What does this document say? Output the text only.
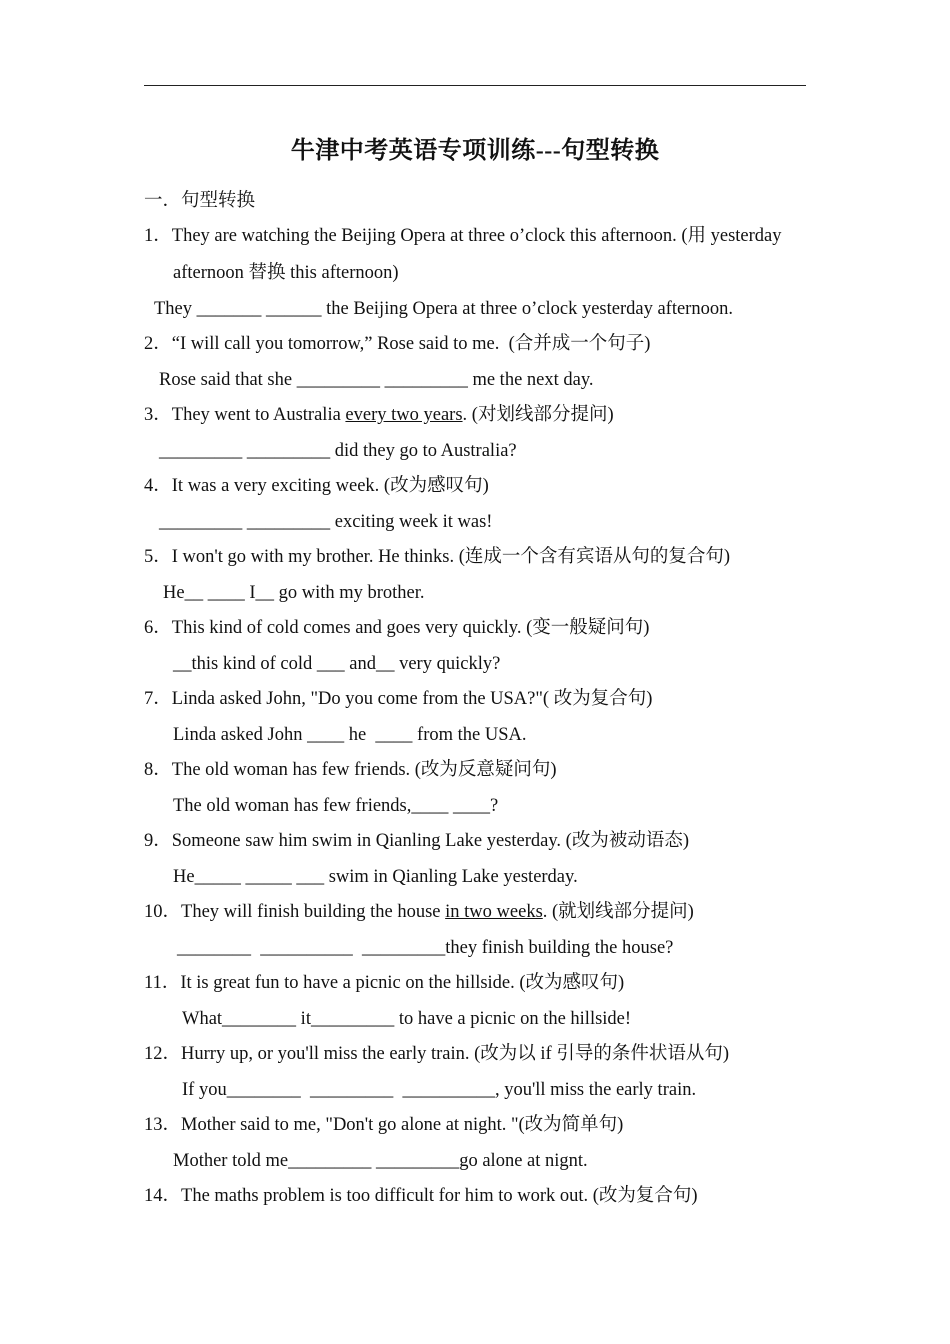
牛津中考英语专项训练---句型转换
一．句型转换
1．They are watching the Beijing Opera at three o’clock this afternoon. (用 yesterday
afternoon 替换 this afternoon)
They _______ ______ the Beijing Opera at three o’clock yesterday afternoon.
2．“I will call you tomorrow,” Rose said to me.  (合并成一个句子)
Rose said that she _________ _________ me the next day.
3．They went to Australia every two years. (对划线部分提问)
_________ _________ did they go to Australia?
4．It was a very exciting week. (改为感叹句)
_________ _________ exciting week it was!
5．I won't go with my brother. He thinks. (连成一个含有宾语从句的复合句)
He__ ____ I__ go with my brother.
6．This kind of cold comes and goes very quickly. (变一般疑问句)
__this kind of cold ___ and__ very quickly?
7．Linda asked John, "Do you come from the USA?"( 改为复合句)
Linda asked John ____ he  ____ from the USA.
8．The old woman has few friends. (改为反意疑问句)
The old woman has few friends,____ ____?
9．Someone saw him swim in Qianling Lake yesterday. (改为被动语态)
He_____ _____ ___ swim in Qianling Lake yesterday.
10．They will finish building the house in two weeks. (就划线部分提问)
________  __________  _________they finish building the house?
11．It is great fun to have a picnic on the hillside. (改为感叹句)
What________ it_________ to have a picnic on the hillside!
12．Hurry up, or you'll miss the early train. (改为以 if 引导的条件状语从句)
If you________  _________  __________, you'll miss the early train.
13．Mother said to me, "Don't go alone at night. "(改为简单句)
Mother told me_________ _________go alone at nignt.
14．The maths problem is too difficult for him to work out. (改为复合句)
